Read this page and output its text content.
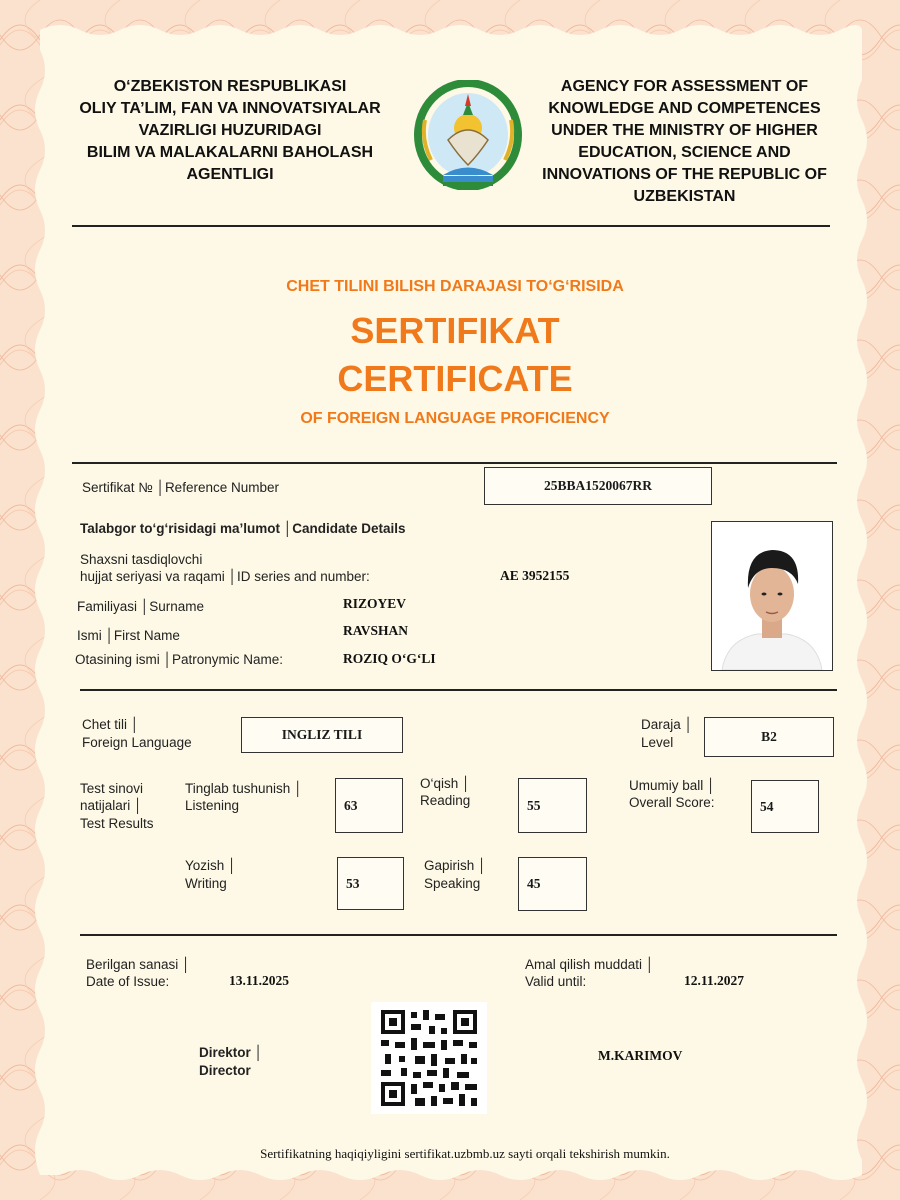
O‘ZBEKISTON RESPUBLIKASI
OLIY TA’LIM, FAN VA INNOVATSIYALAR
VAZIRLIGI HUZURIDAGI
BILIM VA MALAKALARNI BAHOLASH
AGENTLIGI
AGENCY FOR ASSESSMENT OF
KNOWLEDGE AND COMPETENCES
UNDER THE MINISTRY OF HIGHER
EDUCATION, SCIENCE AND
INNOVATIONS OF THE REPUBLIC OF
UZBEKISTAN
CHET TILINI BILISH DARAJASI TO‘G‘RISIDA
SERTIFIKAT
CERTIFICATE
OF FOREIGN LANGUAGE PROFICIENCY
Sertifikat № │Reference Number	25BBA1520067RR
Talabgor to‘g‘risidagi ma’lumot │Candidate Details
Shaxsni tasdiqlovchi
hujjat seriyasi va raqami │ID series and number:	AE 3952155
Familiyasi │Surname	RIZOYEV
Ismi │First Name	RAVSHAN
Otasining ismi │Patronymic Name:	ROZIQ O‘G‘LI
Chet tili │
Foreign Language
INGLIZ TILI
Daraja │
Level	B2
Test sinovi
natijalari │
Test Results
Tinglab tushunish │
Listening	63
O‘qish │
Reading	55
Umumiy ball │
Overall Score:	54
Yozish │
Writing	53
Gapirish │
Speaking	45
Berilgan sanasi │
Date of Issue:	13.11.2025
Amal qilish muddati │
Valid until:	12.11.2027
Direktor │
Director
M.KARIMOV
Sertifikatning haqiqiyligini sertifikat.uzbmb.uz sayti orqali tekshirish mumkin.
